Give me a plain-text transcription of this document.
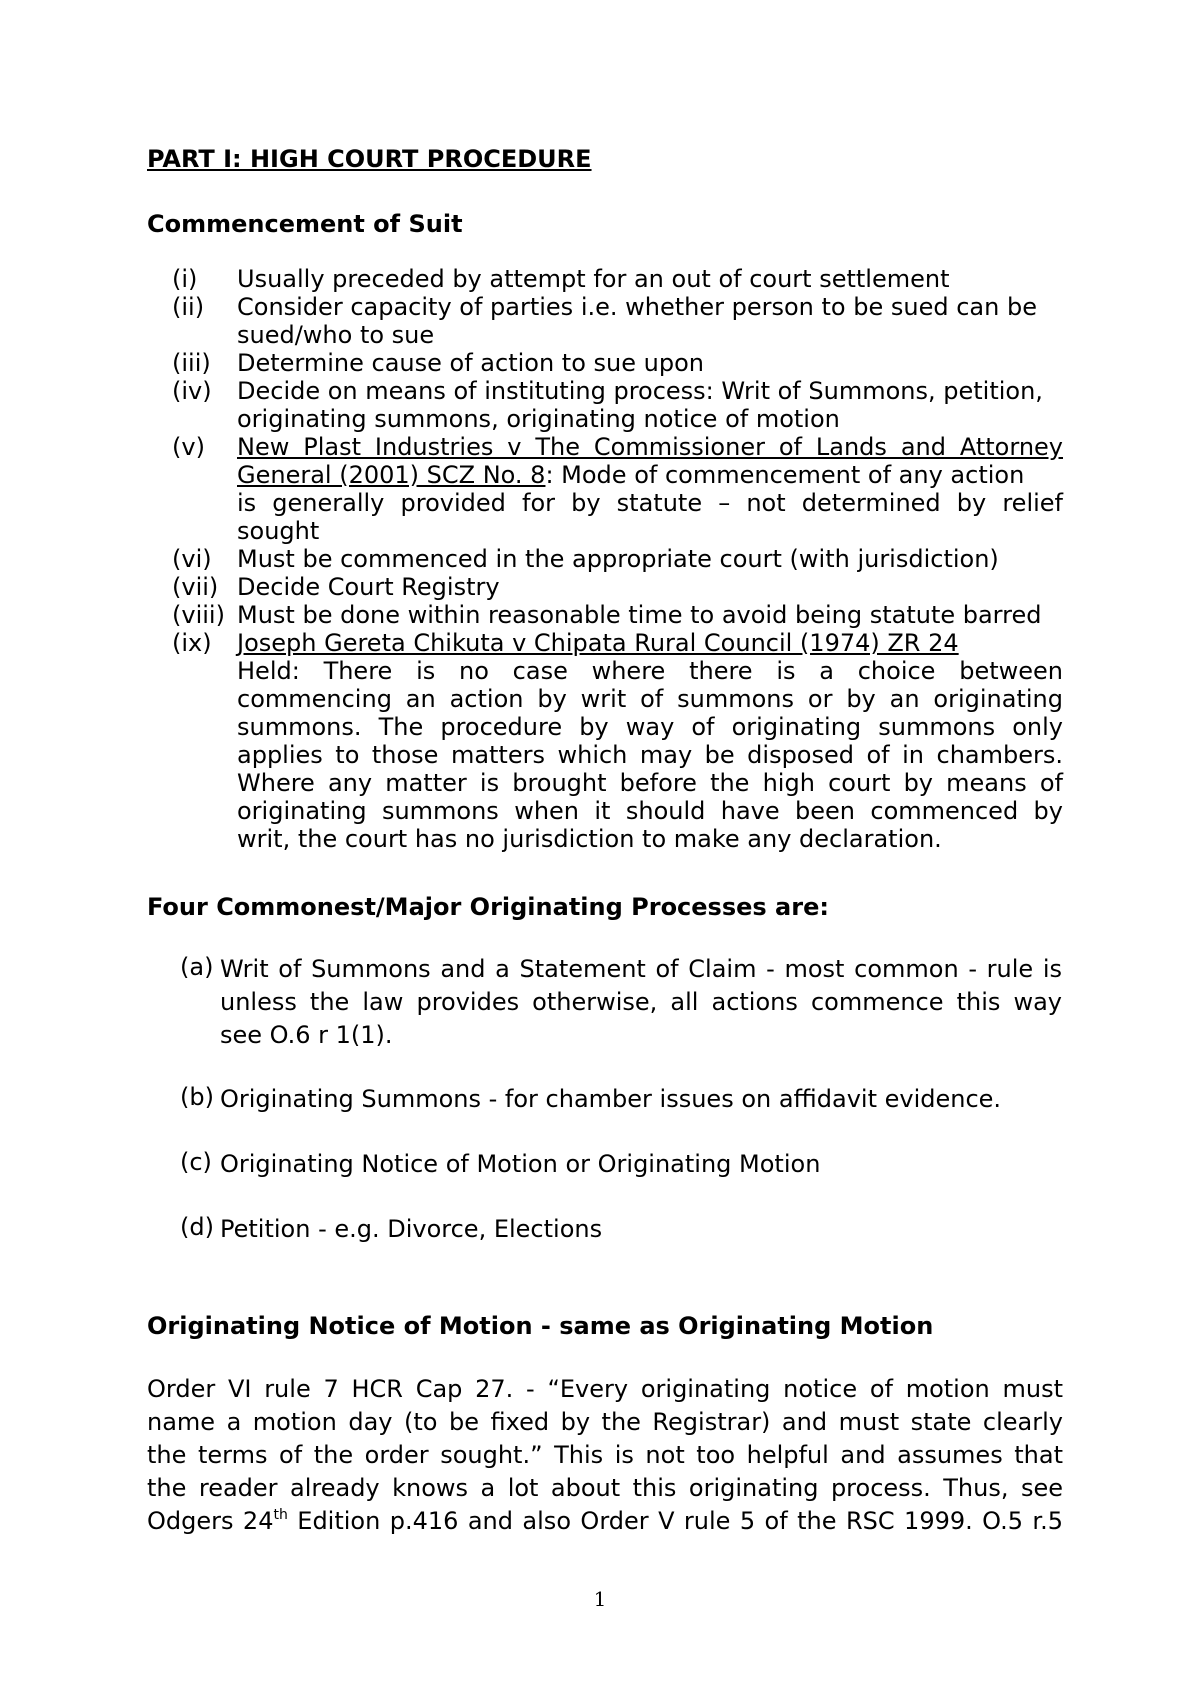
PART I: HIGH COURT PROCEDURE
Commencement of Suit
(i) Usually preceded by attempt for an out of court settlement
(ii) Consider capacity of parties i.e. whether person to be sued can be
sued/who to sue
(iii) Determine cause of action to sue upon
(iv) Decide on means of instituting process: Writ of Summons, petition,
originating summons, originating notice of motion
(v) New Plast Industries v The Commissioner of Lands and Attorney
General (2001) SCZ No. 8: Mode of commencement of any action
is generally provided for by statute – not determined by relief
sought
(vi) Must be commenced in the appropriate court (with jurisdiction)
(vii) Decide Court Registry
(viii) Must be done within reasonable time to avoid being statute barred
(ix) Joseph Gereta Chikuta v Chipata Rural Council (1974) ZR 24
Held: There is no case where there is a choice between
commencing an action by writ of summons or by an originating
summons. The procedure by way of originating summons only
applies to those matters which may be disposed of in chambers.
Where any matter is brought before the high court by means of
originating summons when it should have been commenced by
writ, the court has no jurisdiction to make any declaration.
Four Commonest/Major Originating Processes are:
(a) Writ of Summons and a Statement of Claim - most common - rule is
unless the law provides otherwise, all actions commence this way
see O.6 r 1(1).
(b) Originating Summons - for chamber issues on affidavit evidence.
(c) Originating Notice of Motion or Originating Motion
(d) Petition - e.g. Divorce, Elections
Originating Notice of Motion - same as Originating Motion
Order VI rule 7 HCR Cap 27. - “Every originating notice of motion must
name a motion day (to be fixed by the Registrar) and must state clearly
the terms of the order sought.” This is not too helpful and assumes that
the reader already knows a lot about this originating process. Thus, see
Odgers 24th Edition p.416 and also Order V rule 5 of the RSC 1999. O.5 r.5
1
